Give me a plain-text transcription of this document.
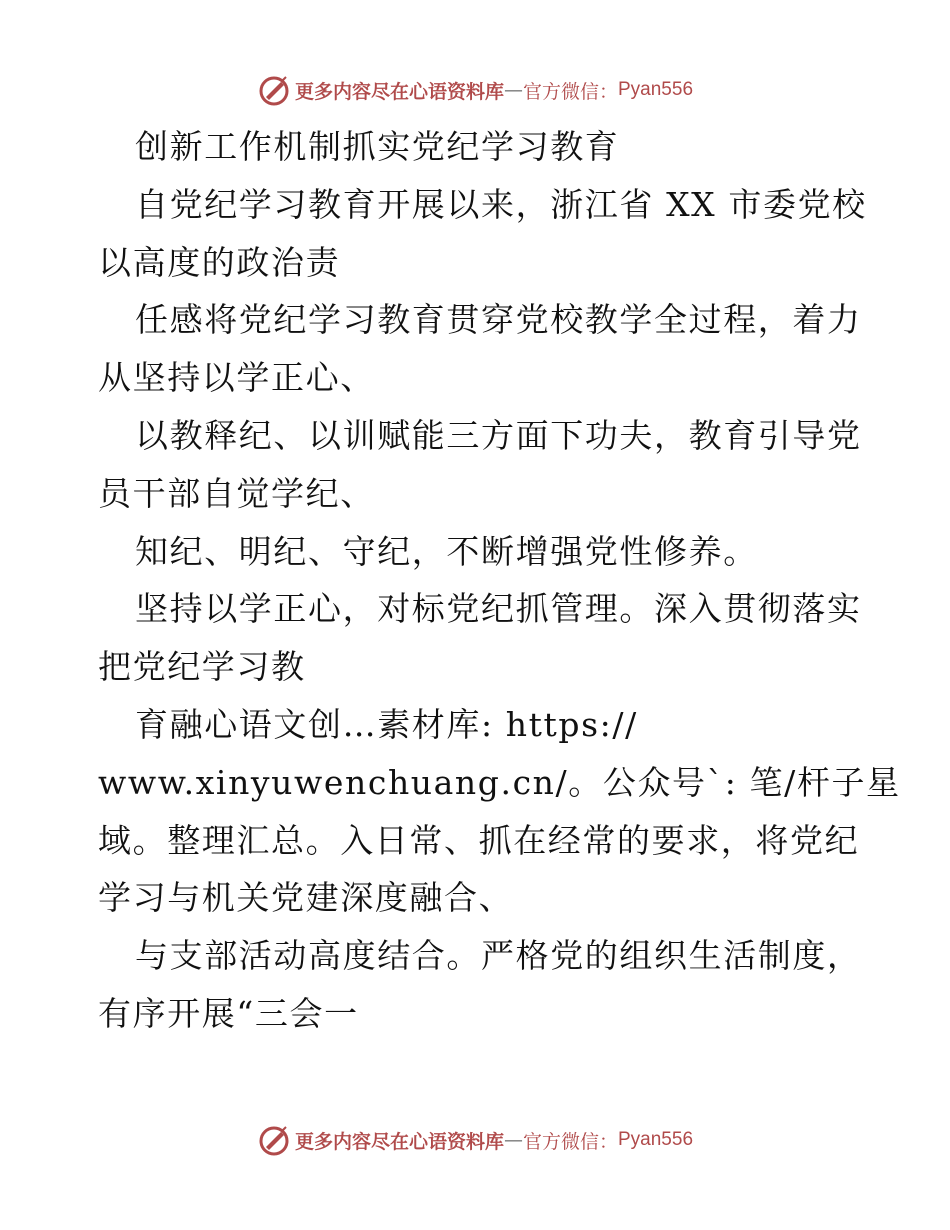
更多内容尽在心语资料库 — 官方微信： Pyan556
创新工作机制抓实党纪学习教育
自党纪学习教育开展以来，浙江省 XX 市委党校
以高度的政治责
任感将党纪学习教育贯穿党校教学全过程，着力
从坚持以学正心、
以教释纪、以训赋能三方面下功夫，教育引导党
员干部自觉学纪、
知纪、明纪、守纪，不断增强党性修养。
坚持以学正心，对标党纪抓管理。深入贯彻落实
把党纪学习教
育融心语文创…素材库: https://
www.xinyuwenchuang.cn/。公众号`: 笔/杆子星
域。整理汇总。入日常、抓在经常的要求，将党纪
学习与机关党建深度融合、
与支部活动高度结合。严格党的组织生活制度，
有序开展“三会一
更多内容尽在心语资料库 — 官方微信： Pyan556
